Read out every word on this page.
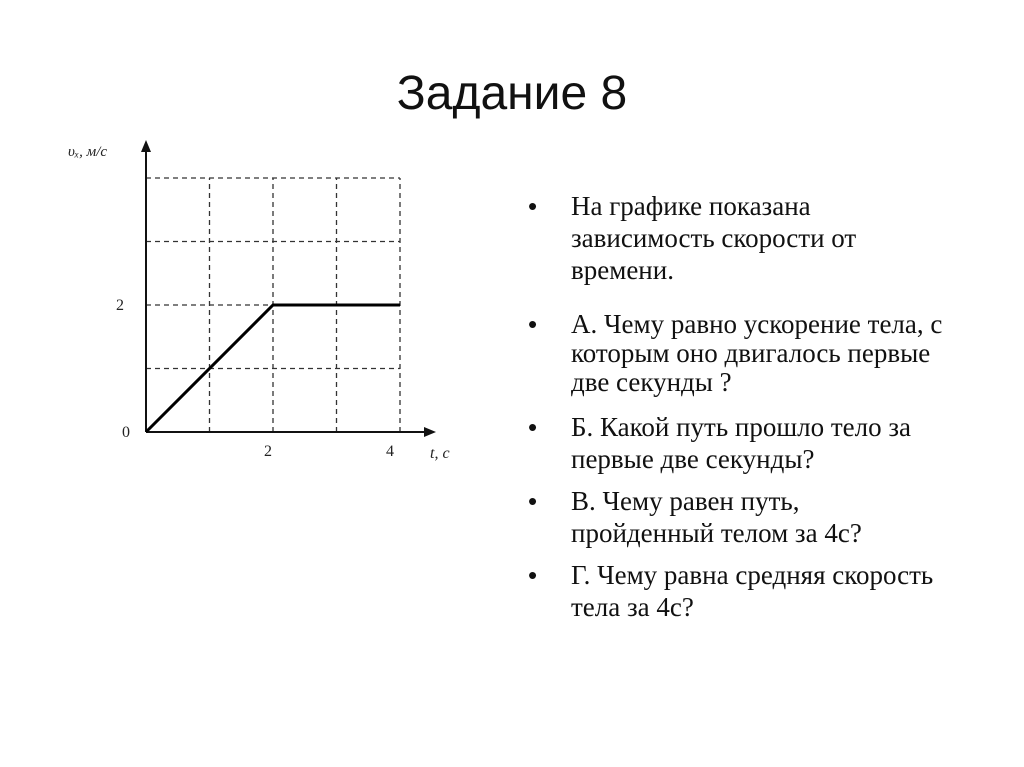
Задание 8
υₓ, м/с
t, c
0
2
2	4
• На графике показана зависимость скорости от времени.
• А. Чему равно ускорение тела, с которым оно двигалось первые две секунды ?
• Б. Какой путь прошло тело за первые две секунды?
• В. Чему равен путь, пройденный телом за 4с?
• Г. Чему равна средняя скорость тела за 4с?
